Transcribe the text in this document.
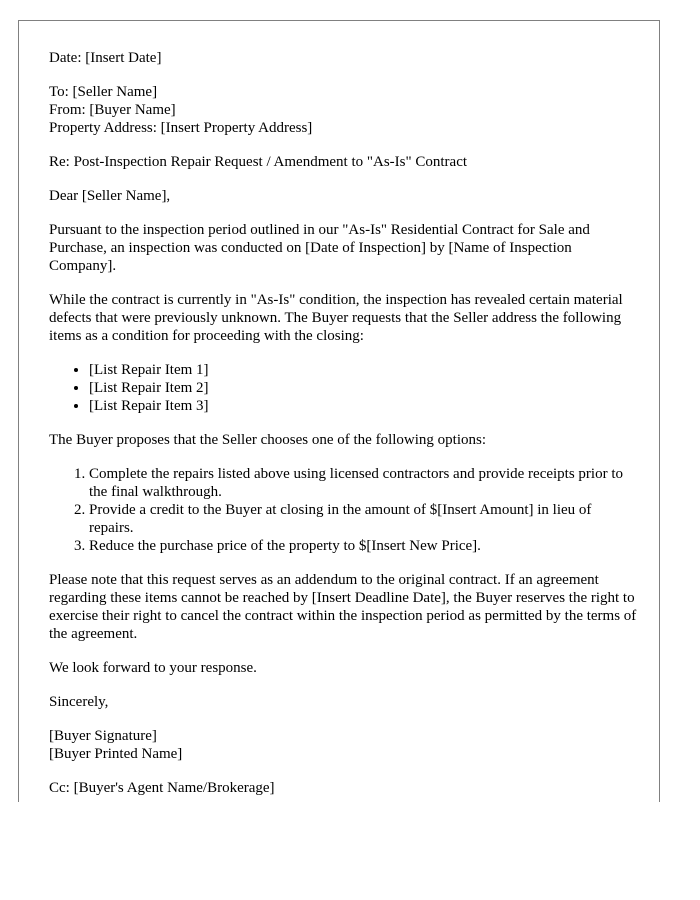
Date: [Insert Date]

To: [Seller Name]
From: [Buyer Name]
Property Address: [Insert Property Address]

Re: Post-Inspection Repair Request / Amendment to "As-Is" Contract

Dear [Seller Name],

Pursuant to the inspection period outlined in our "As-Is" Residential Contract for Sale and Purchase, an inspection was conducted on [Date of Inspection] by [Name of Inspection Company].

While the contract is currently in "As-Is" condition, the inspection has revealed certain material defects that were previously unknown. The Buyer requests that the Seller address the following items as a condition for proceeding with the closing:

• [List Repair Item 1]
• [List Repair Item 2]
• [List Repair Item 3]

The Buyer proposes that the Seller chooses one of the following options:

1. Complete the repairs listed above using licensed contractors and provide receipts prior to the final walkthrough.
2. Provide a credit to the Buyer at closing in the amount of $[Insert Amount] in lieu of repairs.
3. Reduce the purchase price of the property to $[Insert New Price].

Please note that this request serves as an addendum to the original contract. If an agreement regarding these items cannot be reached by [Insert Deadline Date], the Buyer reserves the right to exercise their right to cancel the contract within the inspection period as permitted by the terms of the agreement.

We look forward to your response.

Sincerely,

[Buyer Signature]
[Buyer Printed Name]

Cc: [Buyer's Agent Name/Brokerage]
